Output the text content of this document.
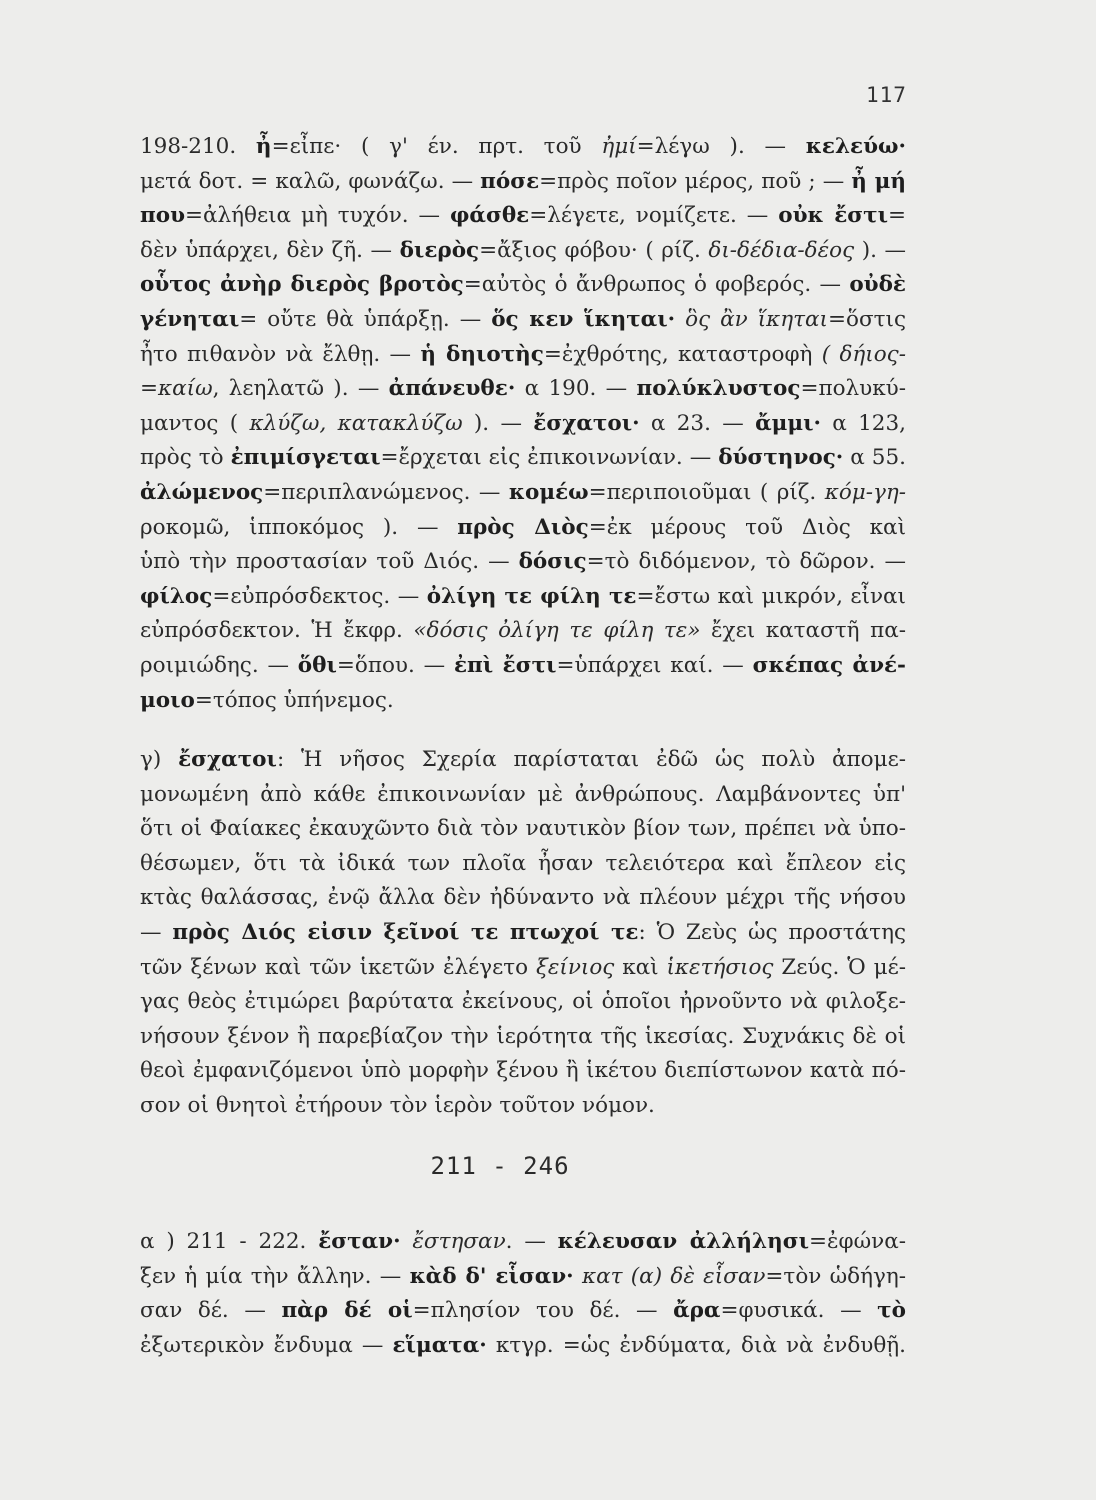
117
198-210. ἦ=εἶπε· ( γ' έν. πρτ. τοῦ ἠμί=λέγω ). — κελεύω·
μετά δοτ. = καλῶ, φωνάζω. — πόσε=πρὸς ποῖον μέρος, ποῦ ; — ἦ μή
που=ἀλήθεια μὴ τυχόν. — φάσθε=λέγετε, νομίζετε. — οὐκ ἔστι=
δὲν ὑπάρχει, δὲν ζῆ. — διερὸς=ἄξιος φόβου· ( ρίζ. δι-δέδια-δέος ). —
οὗτος ἀνὴρ διερὸς βροτὸς=αὐτὸς ὁ ἄνθρωπος ὁ φοβερός. — οὐδὲ
γένηται= οὔτε θὰ ὑπάρξῃ. — ὅς κεν ἵκηται· ὃς ἂν ἵκηται=ὅστις
ἦτο πιθανὸν νὰ ἔλθῃ. — ἡ δηιοτὴς=ἐχθρότης, καταστροφὴ ( δήιος-
=καίω, λεηλατῶ ). — ἀπάνευθε· α 190. — πολύκλυστος=πολυκύ-
μαντος ( κλύζω, κατακλύζω ). — ἔσχατοι· α 23. — ἄμμι· α 123,
πρὸς τὸ ἐπιμίσγεται=ἔρχεται εἰς ἐπικοινωνίαν. — δύστηνος· α 55.
ἀλώμενος=περιπλανώμενος. — κομέω=περιποιοῦμαι ( ρίζ. κόμ-γη-
ροκομῶ, ἱπποκόμος ). — πρὸς Διὸς=ἐκ μέρους τοῦ Διὸς καὶ
ὑπὸ τὴν προστασίαν τοῦ Διός. — δόσις=τὸ διδόμενον, τὸ δῶρον. —
φίλος=εὐπρόσδεκτος. — ὀλίγη τε φίλη τε=ἔστω καὶ μικρόν, εἶναι
εὐπρόσδεκτον. Ἡ ἔκφρ. «δόσις ὀλίγη τε φίλη τε» ἔχει καταστῆ πα-
ροιμιώδης. — ὅθι=ὅπου. — ἐπὶ ἔστι=ὑπάρχει καί. — σκέπας ἀνέ-
μοιο=τόπος ὑπήνεμος.
γ) ἔσχατοι: Ἡ νῆσος Σχερία παρίσταται ἐδῶ ὡς πολὺ ἀπομε-
μονωμένη ἀπὸ κάθε ἐπικοινωνίαν μὲ ἀνθρώπους. Λαμβάνοντες ὑπ'
ὅτι οἱ Φαίακες ἐκαυχῶντο διὰ τὸν ναυτικὸν βίον των, πρέπει νὰ ὑπο-
θέσωμεν, ὅτι τὰ ἰδικά των πλοῖα ἦσαν τελειότερα καὶ ἔπλεον εἰς
κτὰς θαλάσσας, ἐνῷ ἄλλα δὲν ἠδύναντο νὰ πλέουν μέχρι τῆς νήσου
— πρὸς Διός εἰσιν ξεῖνοί τε πτωχοί τε: Ὁ Ζεὺς ὡς προστάτης
τῶν ξένων καὶ τῶν ἱκετῶν ἐλέγετο ξείνιος καὶ ἱκετήσιος Ζεύς. Ὁ μέ-
γας θεὸς ἐτιμώρει βαρύτατα ἐκείνους, οἱ ὁποῖοι ἠρνοῦντο νὰ φιλοξε-
νήσουν ξένον ἢ παρεβίαζον τὴν ἱερότητα τῆς ἱκεσίας. Συχνάκις δὲ οἱ
θεοὶ ἐμφανιζόμενοι ὑπὸ μορφὴν ξένου ἢ ἱκέτου διεπίστωνον κατὰ πό-
σον οἱ θνητοὶ ἐτήρουν τὸν ἱερὸν τοῦτον νόμον.
211 - 246
α ) 211 - 222. ἔσταν· ἔστησαν. — κέλευσαν ἀλλήλησι=ἐφώνα-
ξεν ἡ μία τὴν ἄλλην. — κὰδ δ' εἷσαν· κατ (α) δὲ εἷσαν=τὸν ὡδήγη-
σαν δέ. — πὰρ δέ οἱ=πλησίον του δέ. — ἄρα=φυσικά. — τὸ
ἐξωτερικὸν ἔνδυμα — εἵματα· κτγρ. =ὡς ἐνδύματα, διὰ νὰ ἐνδυθῇ.
